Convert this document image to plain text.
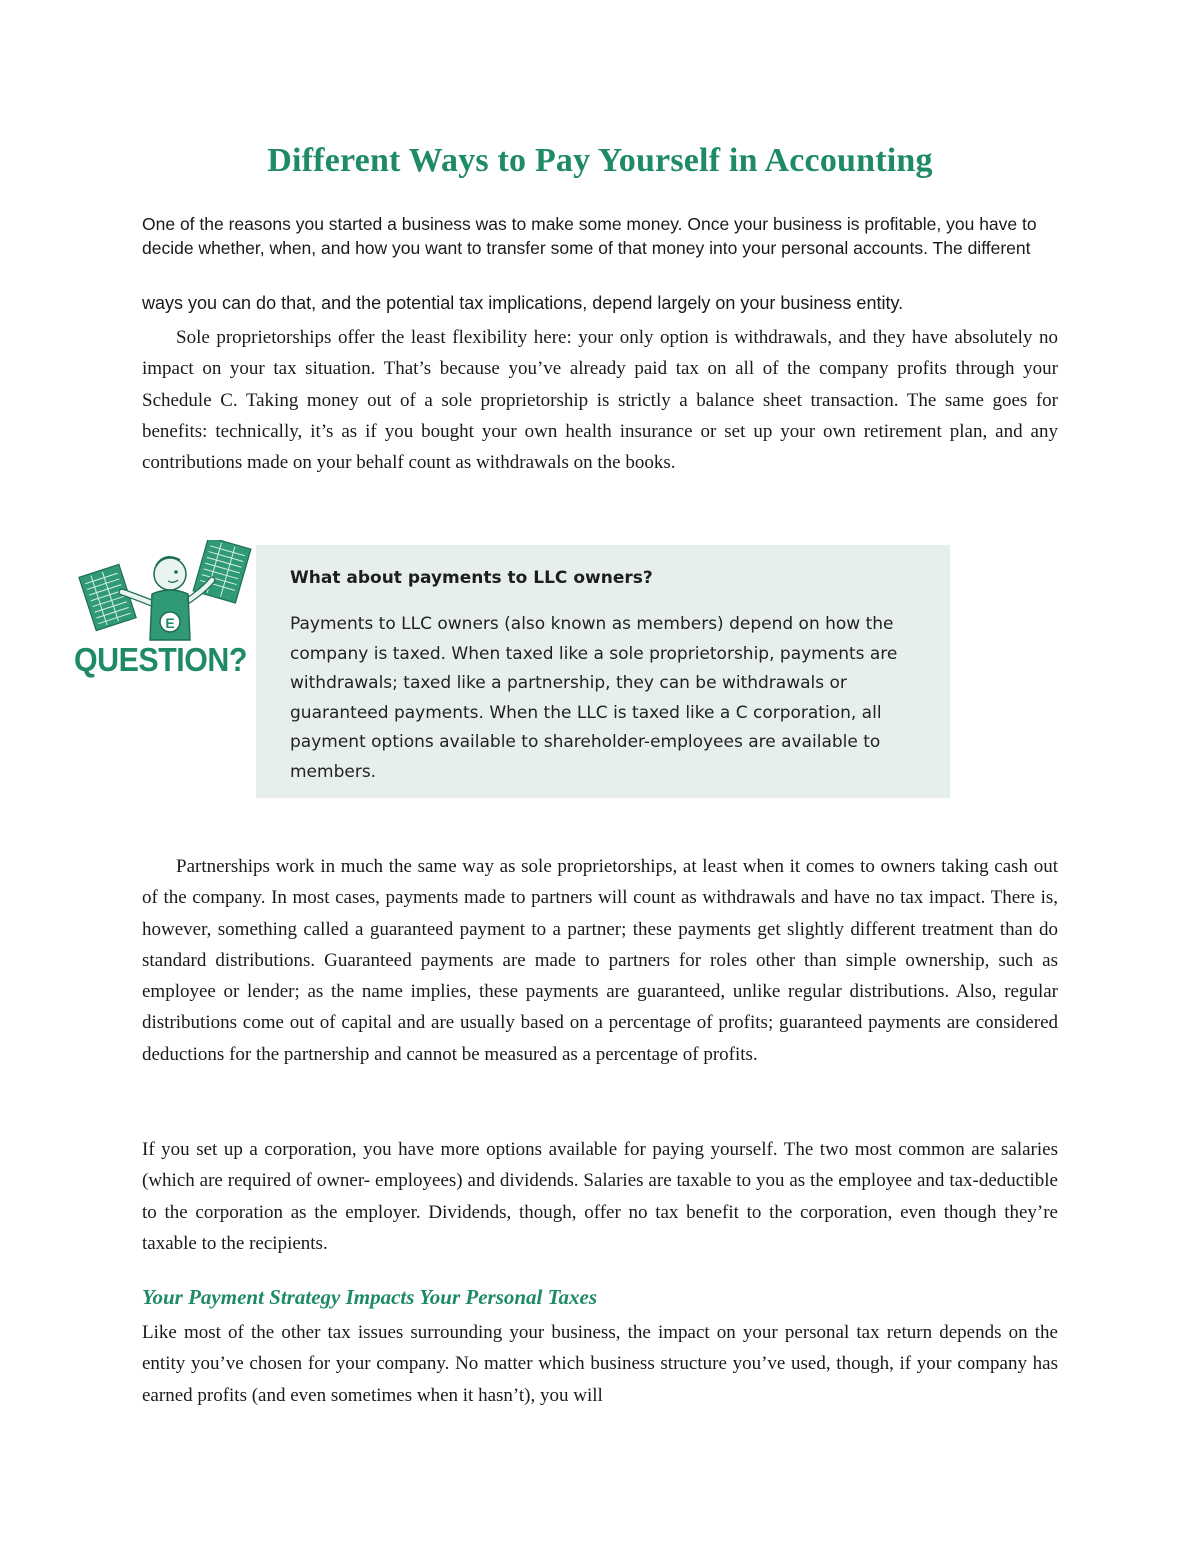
Different Ways to Pay Yourself in Accounting

One of the reasons you started a business was to make some money. Once your business is profitable, you have to decide whether, when, and how you want to transfer some of that money into your personal accounts. The different

ways you can do that, and the potential tax implications, depend largely on your business entity.

Sole proprietorships offer the least flexibility here: your only option is withdrawals, and they have absolutely no impact on your tax situation. That’s because you’ve already paid tax on all of the company profits through your Schedule C. Taking money out of a sole proprietorship is strictly a balance sheet transaction. The same goes for benefits: technically, it’s as if you bought your own health insurance or set up your own retirement plan, and any contributions made on your behalf count as withdrawals on the books.

E
QUESTION?
What about payments to LLC owners?
Payments to LLC owners (also known as members) depend on how the company is taxed. When taxed like a sole proprietorship, payments are withdrawals; taxed like a partnership, they can be withdrawals or guaranteed payments. When the LLC is taxed like a C corporation, all payment options available to shareholder-employees are available to members.

Partnerships work in much the same way as sole proprietorships, at least when it comes to owners taking cash out of the company. In most cases, payments made to partners will count as withdrawals and have no tax impact. There is, however, something called a guaranteed payment to a partner; these payments get slightly different treatment than do standard distributions. Guaranteed payments are made to partners for roles other than simple ownership, such as employee or lender; as the name implies, these payments are guaranteed, unlike regular distributions. Also, regular distributions come out of capital and are usually based on a percentage of profits; guaranteed payments are considered deductions for the partnership and cannot be measured as a percentage of profits.

If you set up a corporation, you have more options available for paying yourself. The two most common are salaries (which are required of owner- employees) and dividends. Salaries are taxable to you as the employee and tax-deductible to the corporation as the employer. Dividends, though, offer no tax benefit to the corporation, even though they’re taxable to the recipients.

Your Payment Strategy Impacts Your Personal Taxes

Like most of the other tax issues surrounding your business, the impact on your personal tax return depends on the entity you’ve chosen for your company. No matter which business structure you’ve used, though, if your company has earned profits (and even sometimes when it hasn’t), you will
